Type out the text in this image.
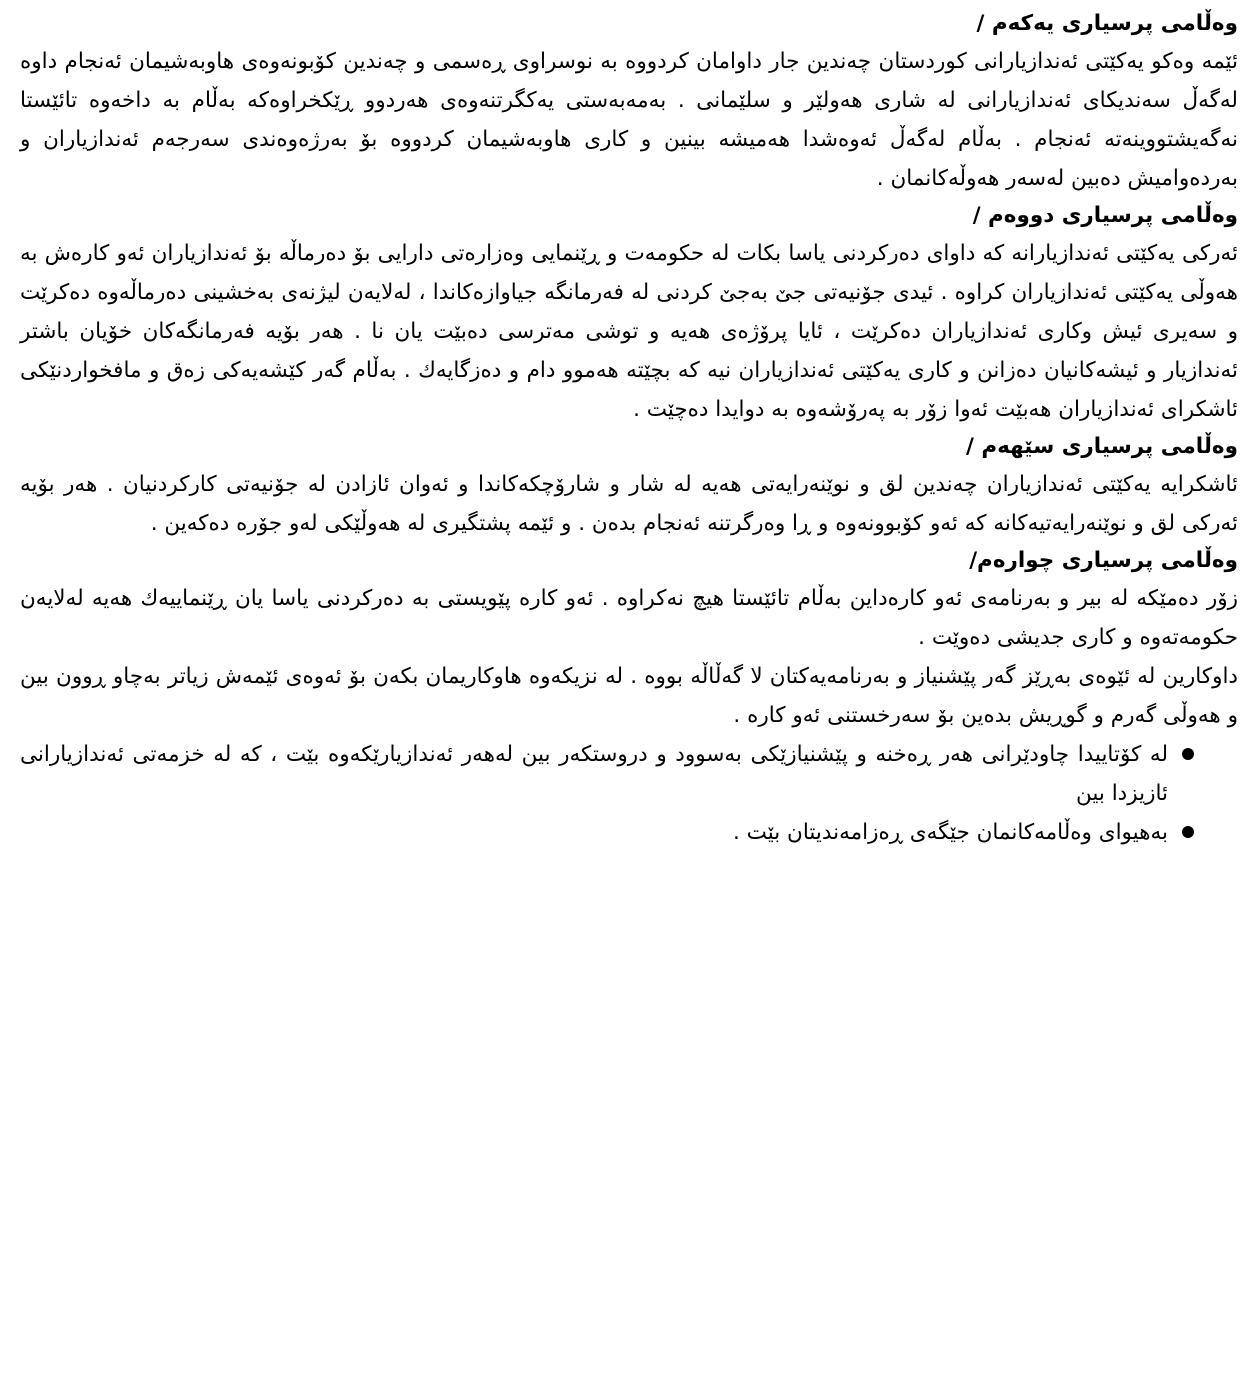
وەڵامی پرسیاری یەکەم /

ئێمە وەکو یەکێتی ئەندازیارانی کوردستان چەندین جار داوامان کردووە بە نوسراوی ڕەسمی و چەندین کۆبونەوەی هاوبەشیمان ئەنجام داوە لەگەڵ سەندیکای ئەندازیارانی لە شاری هەولێر و سلێمانی . بەمەبەستی یەکگرتنەوەی هەردوو ڕێکخراوەکە بەڵام بە داخەوە تائێستا نەگەیشتووینەتە ئەنجام . بەڵام لەگەڵ ئەوەشدا هەمیشە بینین و کاری هاوبەشیمان کردووە بۆ بەرژەوەندی سەرجەم ئەندازیاران و بەردەوامیش دەبین لەسەر هەوڵەکانمان .

وەڵامی پرسیاری دووەم /

ئەرکی یەکێتی ئەندازیارانە کە داوای دەرکردنی یاسا بکات لە حکومەت و ڕێنمایی وەزارەتی دارایی بۆ دەرماڵە بۆ ئەندازیاران ئەو کارەش بە هەوڵی یەکێتی ئەندازیاران کراوە . ئیدی جۆنیەتی جێ بەجێ کردنی لە فەرمانگە جیاوازەکاندا ، لەلایەن لیژنەی بەخشینی دەرماڵەوە دەکرێت و سەیری ئیش وکاری ئەندازیاران دەکرێت ، ئایا پرۆژەی هەیە و توشی مەترسی دەبێت یان نا . هەر بۆیە فەرمانگەکان خۆیان باشتر ئەندازیار و ئیشەکانیان دەزانن و کاری یەکێتی ئەندازیاران نیە کە بچێتە هەموو دام و دەزگایەك . بەڵام گەر کێشەیەکی زەق و مافخواردنێکی ئاشکرای ئەندازیاران هەبێت ئەوا زۆر بە پەرۆشەوە بە دوایدا دەچێت .

وەڵامی پرسیاری سێهەم /

ئاشکرایە یەکێتی ئەندازیاران چەندین لق و نوێنەرایەتی هەیە لە شار و شارۆچکەکاندا و ئەوان ئازادن لە جۆنیەتی کارکردنیان . هەر بۆیە ئەرکی لق و نوێنەرایەتیەکانە کە ئەو کۆبوونەوە و ڕا وەرگرتنە ئەنجام بدەن . و ئێمە پشتگیری لە هەوڵێکی لەو جۆرە دەکەین .

وەڵامی پرسیاری چوارەم/

زۆر دەمێکە لە بیر و بەرنامەی ئەو کارەداین بەڵام تائێستا هیچ نەکراوە . ئەو کارە پێویستی بە دەرکردنی یاسا یان ڕێنماییەك هەیە لەلایەن حکومەتەوە و کاری جدیشی دەوێت .

داوکارین لە ئێوەی بەڕێز گەر پێشنیاز و بەرنامەیەکتان لا گەڵاڵە بووە . لە نزیکەوە هاوکاریمان بکەن بۆ ئەوەی ئێمەش زیاتر بەچاو ڕوون بین و هەوڵی گەرم و گوڕیش بدەین بۆ سەرخستنی ئەو کارە .

لە کۆتاییدا چاودێرانی هەر ڕەخنە و پێشنیازێکی بەسوود و دروستکەر بین لەهەر ئەندازیارێکەوە بێت ، کە لە خزمەتی ئەندازیارانی ئازیزدا بین
بەهیوای وەڵامەکانمان جێگەی ڕەزامەندیتان بێت .
